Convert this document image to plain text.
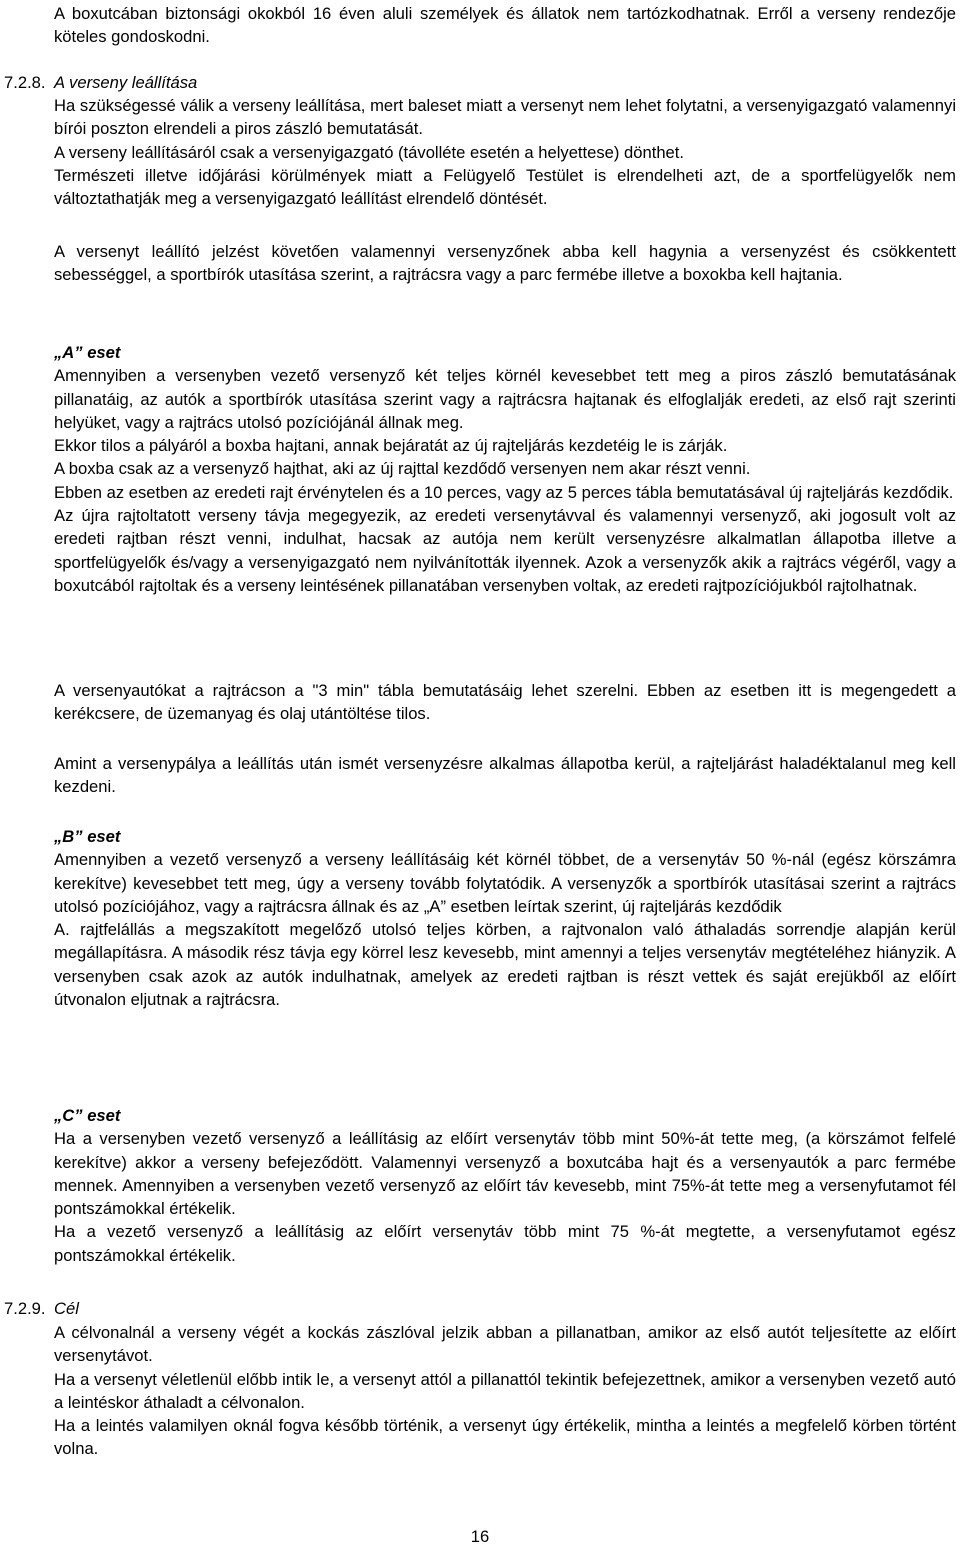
A boxutcában biztonsági okokból 16 éven aluli személyek és állatok nem tartózkodhatnak. Erről a verseny rendezője köteles gondoskodni.

7.2.8. A verseny leállítása

Ha szükségessé válik a verseny leállítása, mert baleset miatt a versenyt nem lehet folytatni, a versenyigazgató valamennyi bírói poszton elrendeli a piros zászló bemutatását.

A verseny leállításáról csak a versenyigazgató (távolléte esetén a helyettese) dönthet.

Természeti illetve időjárási körülmények miatt a Felügyelő Testület is elrendelheti azt, de a sportfelügyelők nem változtathatják meg a versenyigazgató leállítást elrendelő döntését.

A versenyt leállító jelzést követően valamennyi versenyzőnek abba kell hagynia a versenyzést és csökkentett sebességgel, a sportbírók utasítása szerint, a rajtrácsra vagy a parc fermébe illetve a boxokba kell hajtania.

„A” eset

Amennyiben a versenyben vezető versenyző két teljes körnél kevesebbet tett meg a piros zászló bemutatásának pillanatáig, az autók a sportbírók utasítása szerint vagy a rajtrácsra hajtanak és elfoglalják eredeti, az első rajt szerinti helyüket, vagy a rajtrács utolsó pozíciójánál állnak meg.

Ekkor tilos a pályáról a boxba hajtani, annak bejáratát az új rajteljárás kezdetéig le is zárják.

A boxba csak az a versenyző hajthat, aki az új rajttal kezdődő versenyen nem akar részt venni.

Ebben az esetben az eredeti rajt érvénytelen és a 10 perces, vagy az 5 perces tábla bemutatásával új rajteljárás kezdődik.

Az újra rajtoltatott verseny távja megegyezik, az eredeti versenytávval és valamennyi versenyző, aki jogosult volt az eredeti rajtban részt venni, indulhat, hacsak az autója nem került versenyzésre alkalmatlan állapotba illetve a sportfelügyelők és/vagy a versenyigazgató nem nyilvánították ilyennek. Azok a versenyzők akik a rajtrács végéről, vagy a boxutcából rajtoltak és a verseny leintésének pillanatában versenyben voltak, az eredeti rajtpozíciójukból rajtolhatnak.

A versenyautókat a rajtrácson a "3 min" tábla bemutatásáig lehet szerelni. Ebben az esetben itt is megengedett a kerékcsere, de üzemanyag és olaj utántöltése tilos.

Amint a versenypálya a leállítás után ismét versenyzésre alkalmas állapotba kerül, a rajteljárást haladéktalanul meg kell kezdeni.

„B” eset

Amennyiben a vezető versenyző a verseny leállításáig két körnél többet, de a versenytáv 50 %-nál (egész körszámra kerekítve) kevesebbet tett meg, úgy a verseny tovább folytatódik. A versenyzők a sportbírók utasításai szerint a rajtrács utolsó pozíciójához, vagy a rajtrácsra állnak és az „A” esetben leírtak szerint, új rajteljárás kezdődik

A. rajtfelállás a megszakított megelőző utolsó teljes körben, a rajtvonalon való áthaladás sorrendje alapján kerül megállapításra. A második rész távja egy körrel lesz kevesebb, mint amennyi a teljes versenytáv megtételéhez hiányzik. A versenyben csak azok az autók indulhatnak, amelyek az eredeti rajtban is részt vettek és saját erejükből az előírt útvonalon eljutnak a rajtrácsra.

„C” eset

Ha a versenyben vezető versenyző a leállításig az előírt versenytáv több mint 50%-át tette meg, (a körszámot felfelé kerekítve) akkor a verseny befejeződött. Valamennyi versenyző a boxutcába hajt és a versenyautók a parc fermébe mennek. Amennyiben a versenyben vezető versenyző az előírt táv kevesebb, mint 75%-át tette meg a versenyfutamot fél pontszámokkal értékelik.

Ha a vezető versenyző a leállításig az előírt versenytáv több mint 75 %-át megtette, a versenyfutamot egész pontszámokkal értékelik.

7.2.9. Cél

A célvonalnál a verseny végét a kockás zászlóval jelzik abban a pillanatban, amikor az első autót teljesítette az előírt versenytávot.

Ha a versenyt véletlenül előbb intik le, a versenyt attól a pillanattól tekintik befejezettnek, amikor a versenyben vezető autó a leintéskor áthaladt a célvonalon.

Ha a leintés valamilyen oknál fogva később történik, a versenyt úgy értékelik, mintha a leintés a megfelelő körben történt volna.

16
